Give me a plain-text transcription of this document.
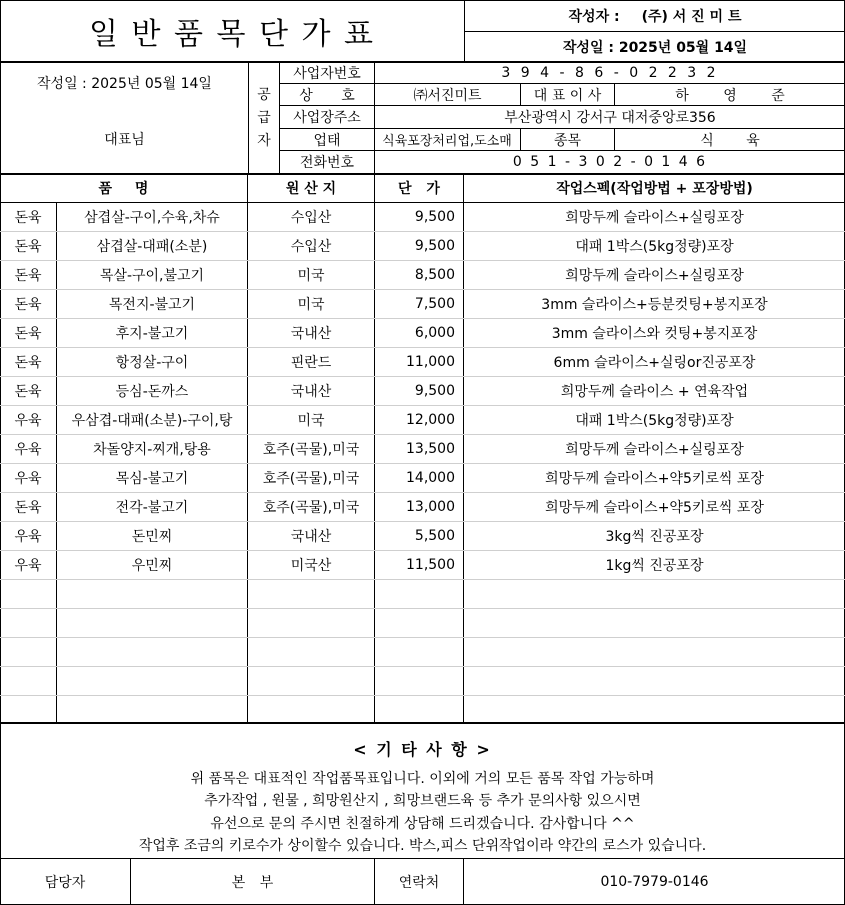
일 반 품 목 단 가 표
작성자 : (주) 서 진 미 트
작성일 : 2025년 05월 14일
작성일 : 2025년 05월 14일
대표님
공
급
자
사업자번호	3 9 4 - 8 6 - 0 2 2 3 2
상 호	㈜서진미트	대 표 이 사	하 영 준
사업장주소	부산광역시 강서구 대저중앙로356
업태	식육포장처리업,도소매	종목	식 육
전화번호	0 5 1 - 3 0 2 - 0 1 4 6
품 명	원 산 지	단 가	작업스펙(작업방법 + 포장방법)
돈육	삼겹살-구이,수육,차슈	수입산	9,500	희망두께 슬라이스+실링포장
돈육	삼겹살-대패(소분)	수입산	9,500	대패 1박스(5kg정량)포장
돈육	목살-구이,불고기	미국	8,500	희망두께 슬라이스+실링포장
돈육	목전지-불고기	미국	7,500	3mm 슬라이스+등분컷팅+봉지포장
돈육	후지-불고기	국내산	6,000	3mm 슬라이스와 컷팅+봉지포장
돈육	항정살-구이	핀란드	11,000	6mm 슬라이스+실링or진공포장
돈육	등심-돈까스	국내산	9,500	희망두께 슬라이스 + 연육작업
우육	우삼겹-대패(소분)-구이,탕	미국	12,000	대패 1박스(5kg정량)포장
우육	차돌양지-찌개,탕용	호주(곡물),미국	13,500	희망두께 슬라이스+실링포장
우육	목심-불고기	호주(곡물),미국	14,000	희망두께 슬라이스+약5키로씩 포장
돈육	전각-불고기	호주(곡물),미국	13,000	희망두께 슬라이스+약5키로씩 포장
우육	돈민찌	국내산	5,500	3kg씩 진공포장
우육	우민찌	미국산	11,500	1kg씩 진공포장
< 기 타 사 항 >
위 품목은 대표적인 작업품목표입니다. 이외에 거의 모든 품목 작업 가능하며
추가작업 , 원물 , 희망원산지 , 희망브랜드육 등 추가 문의사항 있으시면
유선으로 문의 주시면 친절하게 상담해 드리겠습니다. 감사합니다 ^^
작업후 조금의 키로수가 상이할수 있습니다. 박스,피스 단위작업이라 약간의 로스가 있습니다.
담당자	본 부	연락처	010-7979-0146
